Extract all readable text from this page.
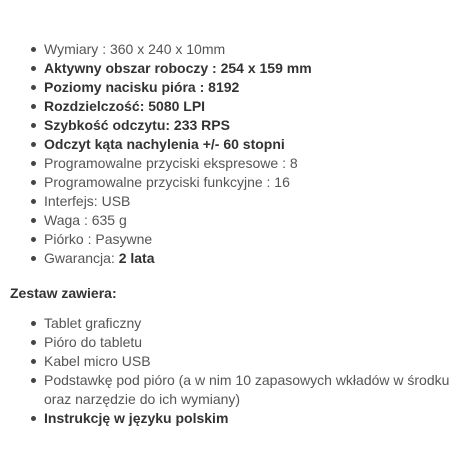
Wymiary : 360 x 240 x 10mm
Aktywny obszar roboczy : 254 x 159 mm
Poziomy nacisku pióra : 8192
Rozdzielczość: 5080 LPI
Szybkość odczytu: 233 RPS
Odczyt kąta nachylenia +/- 60 stopni
Programowalne przyciski ekspresowe : 8
Programowalne przyciski funkcyjne : 16
Interfejs: USB
Waga : 635 g
Piórko : Pasywne
Gwarancja: 2 lata
Zestaw zawiera:
Tablet graficzny
Pióro do tabletu
Kabel micro USB
Podstawkę pod pióro (a w nim 10 zapasowych wkładów w środku oraz narzędzie do ich wymiany)
Instrukcję w języku polskim
